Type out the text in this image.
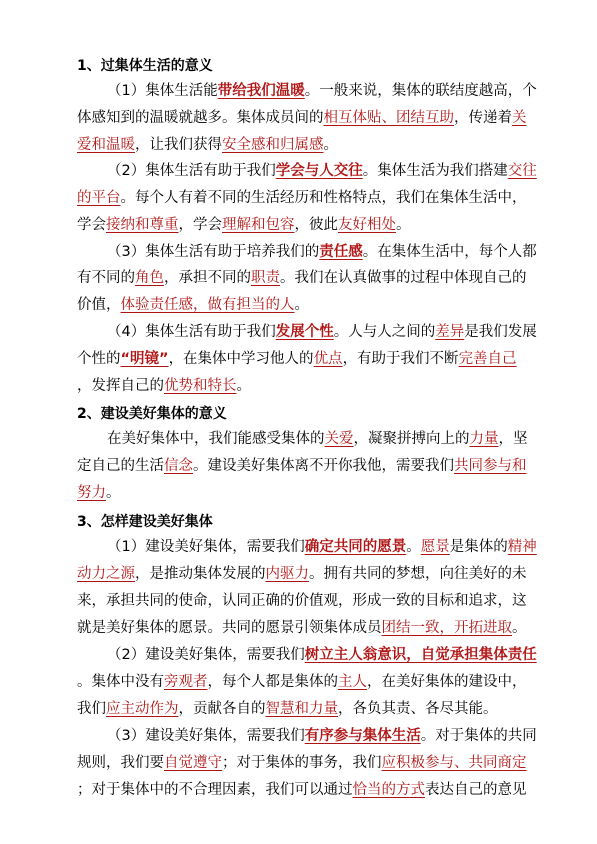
1、过集体生活的意义
（1）集体生活能带给我们温暖。一般来说，集体的联结度越高，个
体感知到的温暖就越多。集体成员间的相互体贴、团结互助，传递着关
爱和温暖，让我们获得安全感和归属感。
（2）集体生活有助于我们学会与人交往。集体生活为我们搭建交往
的平台。每个人有着不同的生活经历和性格特点，我们在集体生活中，
学会接纳和尊重，学会理解和包容，彼此友好相处。
（3）集体生活有助于培养我们的责任感。在集体生活中，每个人都
有不同的角色，承担不同的职责。我们在认真做事的过程中体现自己的
价值，体验责任感，做有担当的人。
（4）集体生活有助于我们发展个性。人与人之间的差异是我们发展
个性的“明镜”，在集体中学习他人的优点，有助于我们不断完善自己
，发挥自己的优势和特长。
2、建设美好集体的意义
在美好集体中，我们能感受集体的关爱，凝聚拼搏向上的力量，坚
定自己的生活信念。建设美好集体离不开你我他，需要我们共同参与和
努力。
3、怎样建设美好集体
（1）建设美好集体，需要我们确定共同的愿景。愿景是集体的精神
动力之源，是推动集体发展的内驱力。拥有共同的梦想，向往美好的未
来，承担共同的使命，认同正确的价值观，形成一致的目标和追求，这
就是美好集体的愿景。共同的愿景引领集体成员团结一致，开拓进取。
（2）建设美好集体，需要我们树立主人翁意识，自觉承担集体责任
。集体中没有旁观者，每个人都是集体的主人，在美好集体的建设中，
我们应主动作为，贡献各自的智慧和力量，各负其责、各尽其能。
（3）建设美好集体，需要我们有序参与集体生活。对于集体的共同
规则，我们要自觉遵守；对于集体的事务，我们应积极参与、共同商定
；对于集体中的不合理因素，我们可以通过恰当的方式表达自己的意见
